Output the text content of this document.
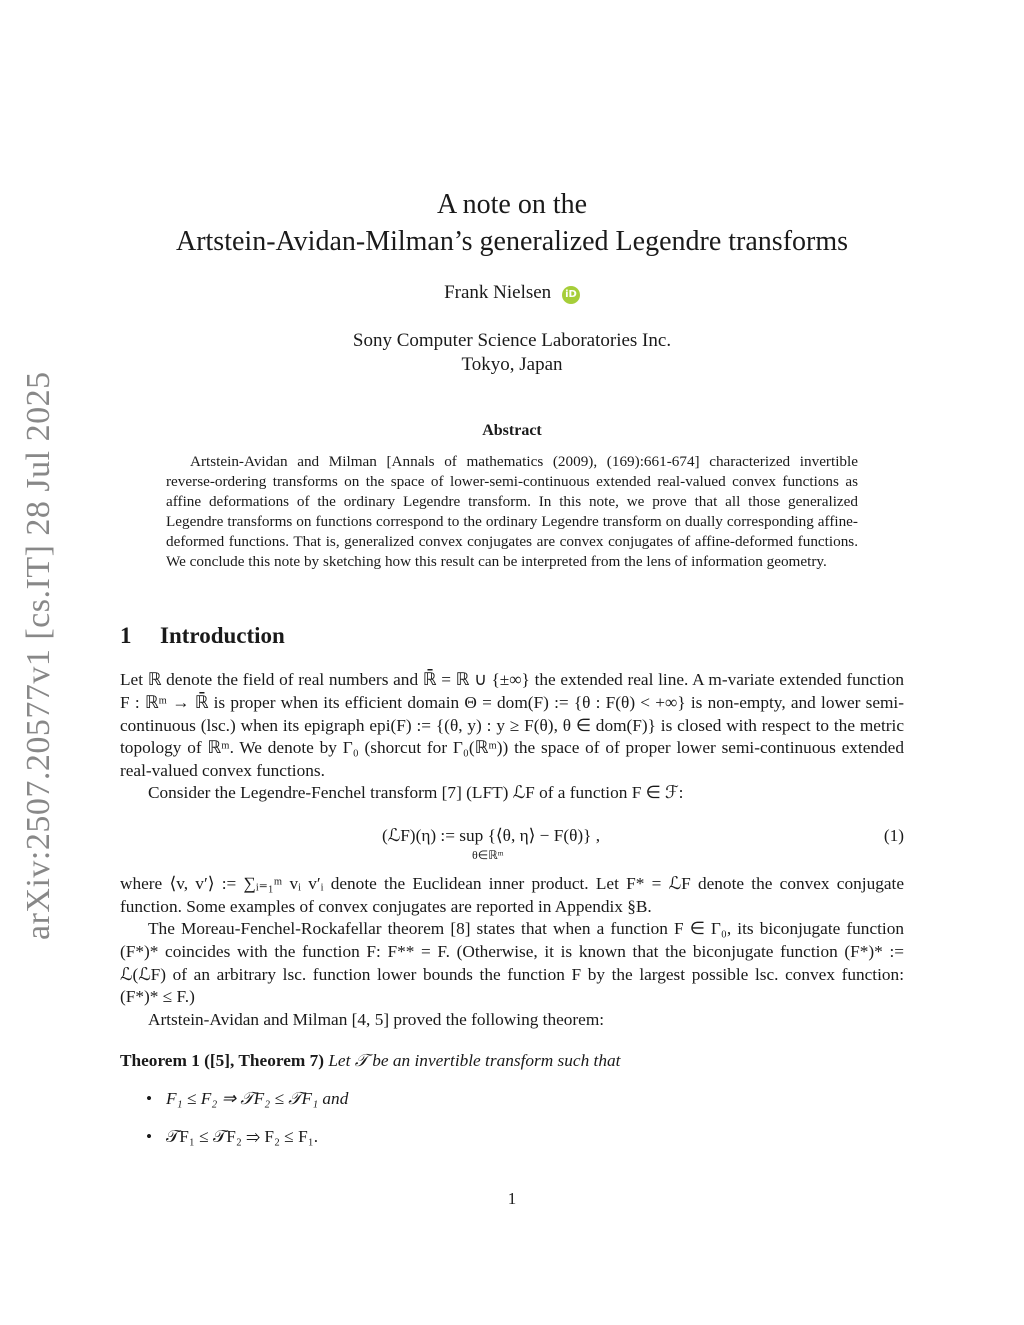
arXiv:2507.20577v1 [cs.IT] 28 Jul 2025
A note on the
Artstein-Avidan-Milman’s generalized Legendre transforms
Frank Nielsen iD
Sony Computer Science Laboratories Inc.
Tokyo, Japan
Abstract

Artstein-Avidan and Milman [Annals of mathematics (2009), (169):661-674] characterized invertible reverse-ordering transforms on the space of lower-semi-continuous extended real-valued convex functions as affine deformations of the ordinary Legendre transform. In this note, we prove that all those generalized Legendre transforms on functions correspond to the ordinary Legendre transform on dually corresponding affine-deformed functions. That is, generalized convex conjugates are convex conjugates of affine-deformed functions. We conclude this note by sketching how this result can be interpreted from the lens of information geometry.

1 Introduction

Let ℝ denote the field of real numbers and ℝ̄ = ℝ ∪ {±∞} the extended real line. A m-variate extended function F : ℝᵐ → ℝ̄ is proper when its efficient domain Θ = dom(F) := {θ : F(θ) < +∞} is non-empty, and lower semi-continuous (lsc.) when its epigraph epi(F) := {(θ, y) : y ≥ F(θ), θ ∈ dom(F)} is closed with respect to the metric topology of ℝᵐ. We denote by Γ₀ (shorcut for Γ₀(ℝᵐ)) the space of of proper lower semi-continuous extended real-valued convex functions.

Consider the Legendre-Fenchel transform [7] (LFT) ℒF of a function F ∈ ℱ:

(ℒF)(η) := sup {⟨θ, η⟩ − F(θ)} ,
θ∈ℝᵐ
(1)

where ⟨v, v′⟩ := ∑ᵢ₌₁ᵐ vᵢ v′ᵢ denote the Euclidean inner product. Let F* = ℒF denote the convex conjugate function. Some examples of convex conjugates are reported in Appendix §B.

The Moreau-Fenchel-Rockafellar theorem [8] states that when a function F ∈ Γ₀, its biconjugate function (F*)* coincides with the function F: F** = F. (Otherwise, it is known that the biconjugate function (F*)* := ℒ(ℒF) of an arbitrary lsc. function lower bounds the function F by the largest possible lsc. convex function: (F*)* ≤ F.)

Artstein-Avidan and Milman [4, 5] proved the following theorem:

Theorem 1 ([5], Theorem 7) Let 𝒯 be an invertible transform such that
• F₁ ≤ F₂ ⇒ 𝒯F₂ ≤ 𝒯F₁ and
• 𝒯F₁ ≤ 𝒯F₂ ⇒ F₂ ≤ F₁.
1
